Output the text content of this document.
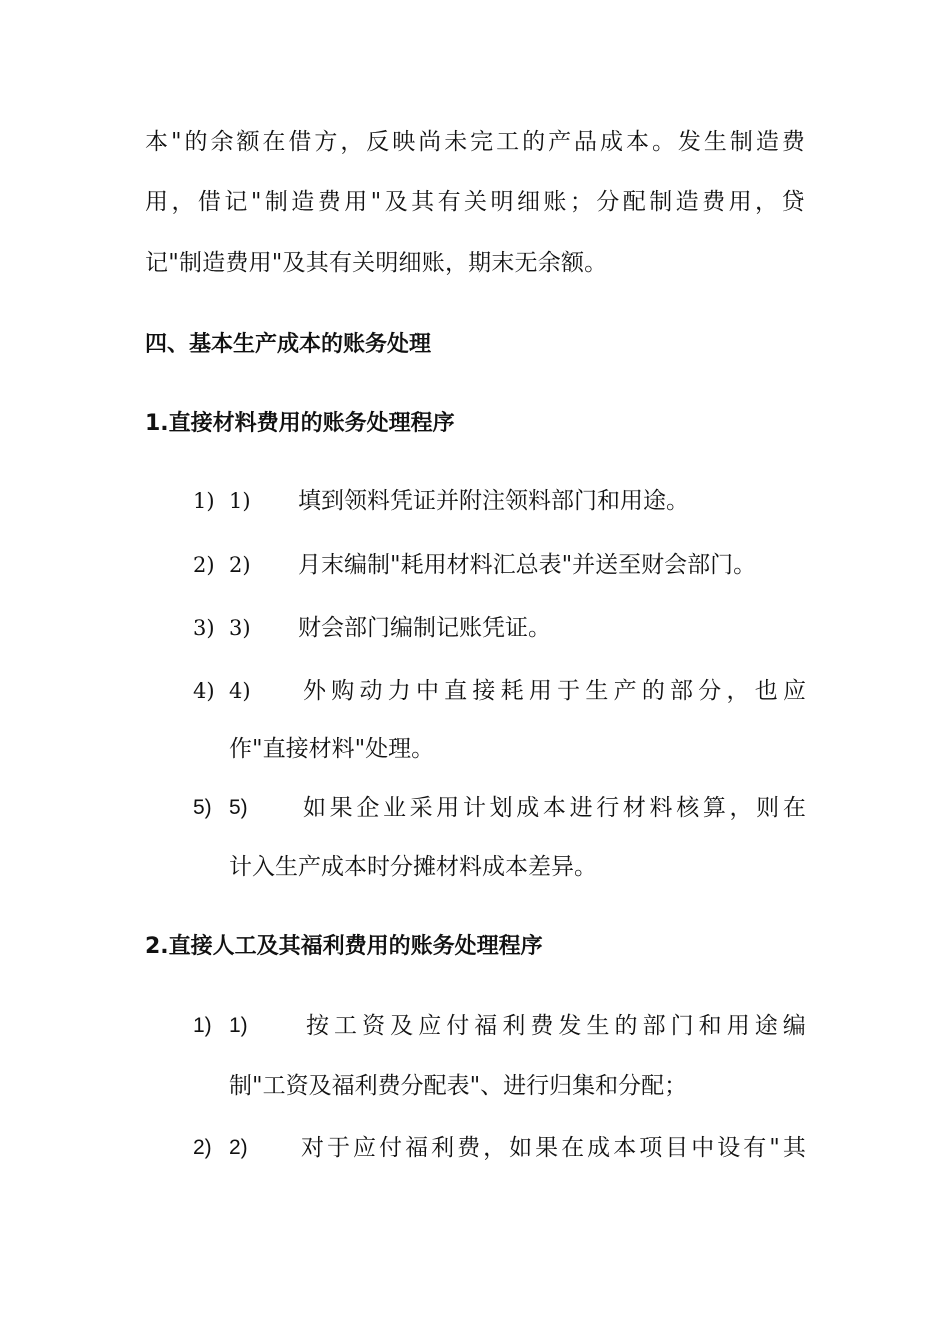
本 " 的 余 额 在 借 方 ， 反 映 尚 未 完 工 的 产 品 成 本 。 发 生 制 造 费
用 ， 借 记 " 制 造 费 用 " 及 其 有 关 明 细 账 ； 分 配 制 造 费 用 ， 贷
记"制造费用"及其有关明细账，期末无余额。
四、基本生产成本的账务处理
1.直接材料费用的账务处理程序
1) 1) 填到领料凭证并附注领料部门和用途。
2) 2) 月末编制"耗用材料汇总表"并送至财会部门。
3) 3) 财会部门编制记账凭证。
4) 4) 外 购 动 力 中 直 接 耗 用 于 生 产 的 部 分 ， 也 应
作"直接材料"处理。
5) 5) 如 果 企 业 采 用 计 划 成 本 进 行 材 料 核 算 ， 则 在
计入生产成本时分摊材料成本差异。
2.直接人工及其福利费用的账务处理程序
1) 1)	按 工 资 及 应 付 福 利 费 发 生 的 部 门 和 用 途 编
制"工资及福利费分配表"、进行归集和分配；
2) 2) 对 于 应 付 福 利 费 ， 如 果 在 成 本 项 目 中 设 有 " 其
